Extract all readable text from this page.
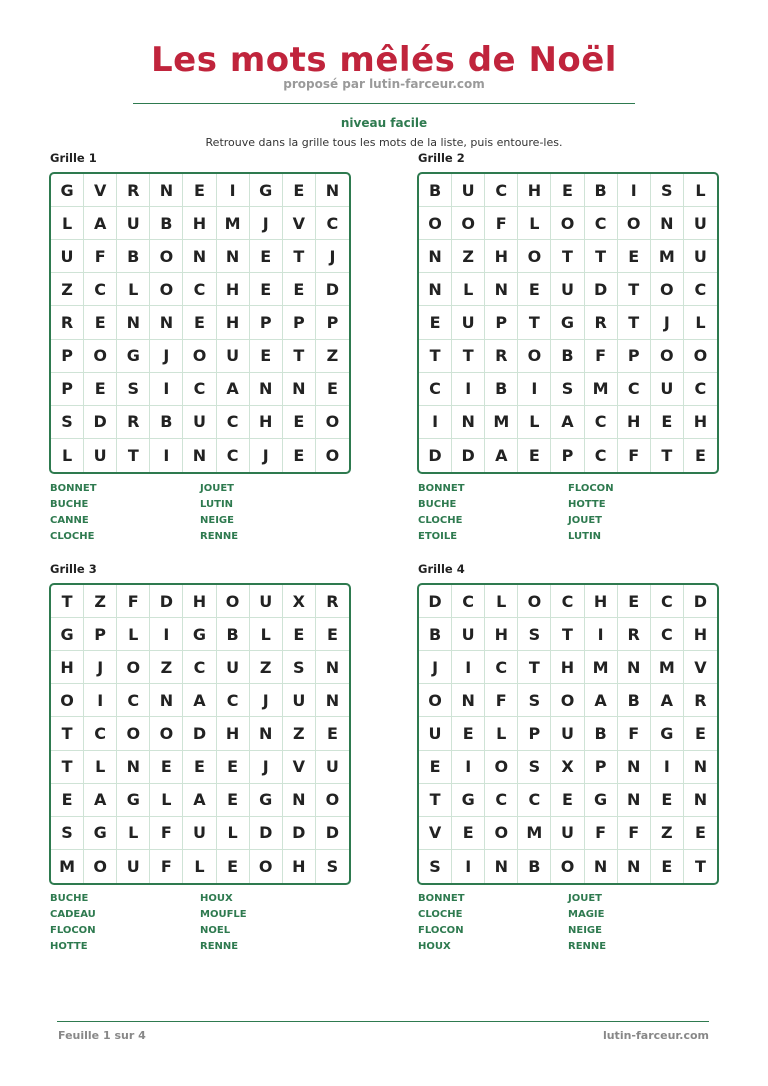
Les mots mêlés de Noël
proposé par lutin-farceur.com
niveau facile
Retrouve dans la grille tous les mots de la liste, puis entoure-les.
Grille 1
G	V	R	N	E	I	G	E	N
L	A	U	B	H	M	J	V	C
U	F	B	O	N	N	E	T	J
Z	C	L	O	C	H	E	E	D
R	E	N	N	E	H	P	P	P
P	O	G	J	O	U	E	T	Z
P	E	S	I	C	A	N	N	E
S	D	R	B	U	C	H	E	O
L	U	T	I	N	C	J	E	O
BONNET
BUCHE
CANNE
CLOCHE
JOUET
LUTIN
NEIGE
RENNE
Grille 2
B	U	C	H	E	B	I	S	L
O	O	F	L	O	C	O	N	U
N	Z	H	O	T	T	E	M	U
N	L	N	E	U	D	T	O	C
E	U	P	T	G	R	T	J	L
T	T	R	O	B	F	P	O	O
C	I	B	I	S	M	C	U	C
I	N	M	L	A	C	H	E	H
D	D	A	E	P	C	F	T	E
BONNET
BUCHE
CLOCHE
ETOILE
FLOCON
HOTTE
JOUET
LUTIN
Grille 3
T	Z	F	D	H	O	U	X	R
G	P	L	I	G	B	L	E	E
H	J	O	Z	C	U	Z	S	N
O	I	C	N	A	C	J	U	N
T	C	O	O	D	H	N	Z	E
T	L	N	E	E	E	J	V	U
E	A	G	L	A	E	G	N	O
S	G	L	F	U	L	D	D	D
M	O	U	F	L	E	O	H	S
BUCHE
CADEAU
FLOCON
HOTTE
HOUX
MOUFLE
NOEL
RENNE
Grille 4
D	C	L	O	C	H	E	C	D
B	U	H	S	T	I	R	C	H
J	I	C	T	H	M	N	M	V
O	N	F	S	O	A	B	A	R
U	E	L	P	U	B	F	G	E
E	I	O	S	X	P	N	I	N
T	G	C	C	E	G	N	E	N
V	E	O	M	U	F	F	Z	E
S	I	N	B	O	N	N	E	T
BONNET
CLOCHE
FLOCON
HOUX
JOUET
MAGIE
NEIGE
RENNE
Feuille 1 sur 4	lutin-farceur.com
